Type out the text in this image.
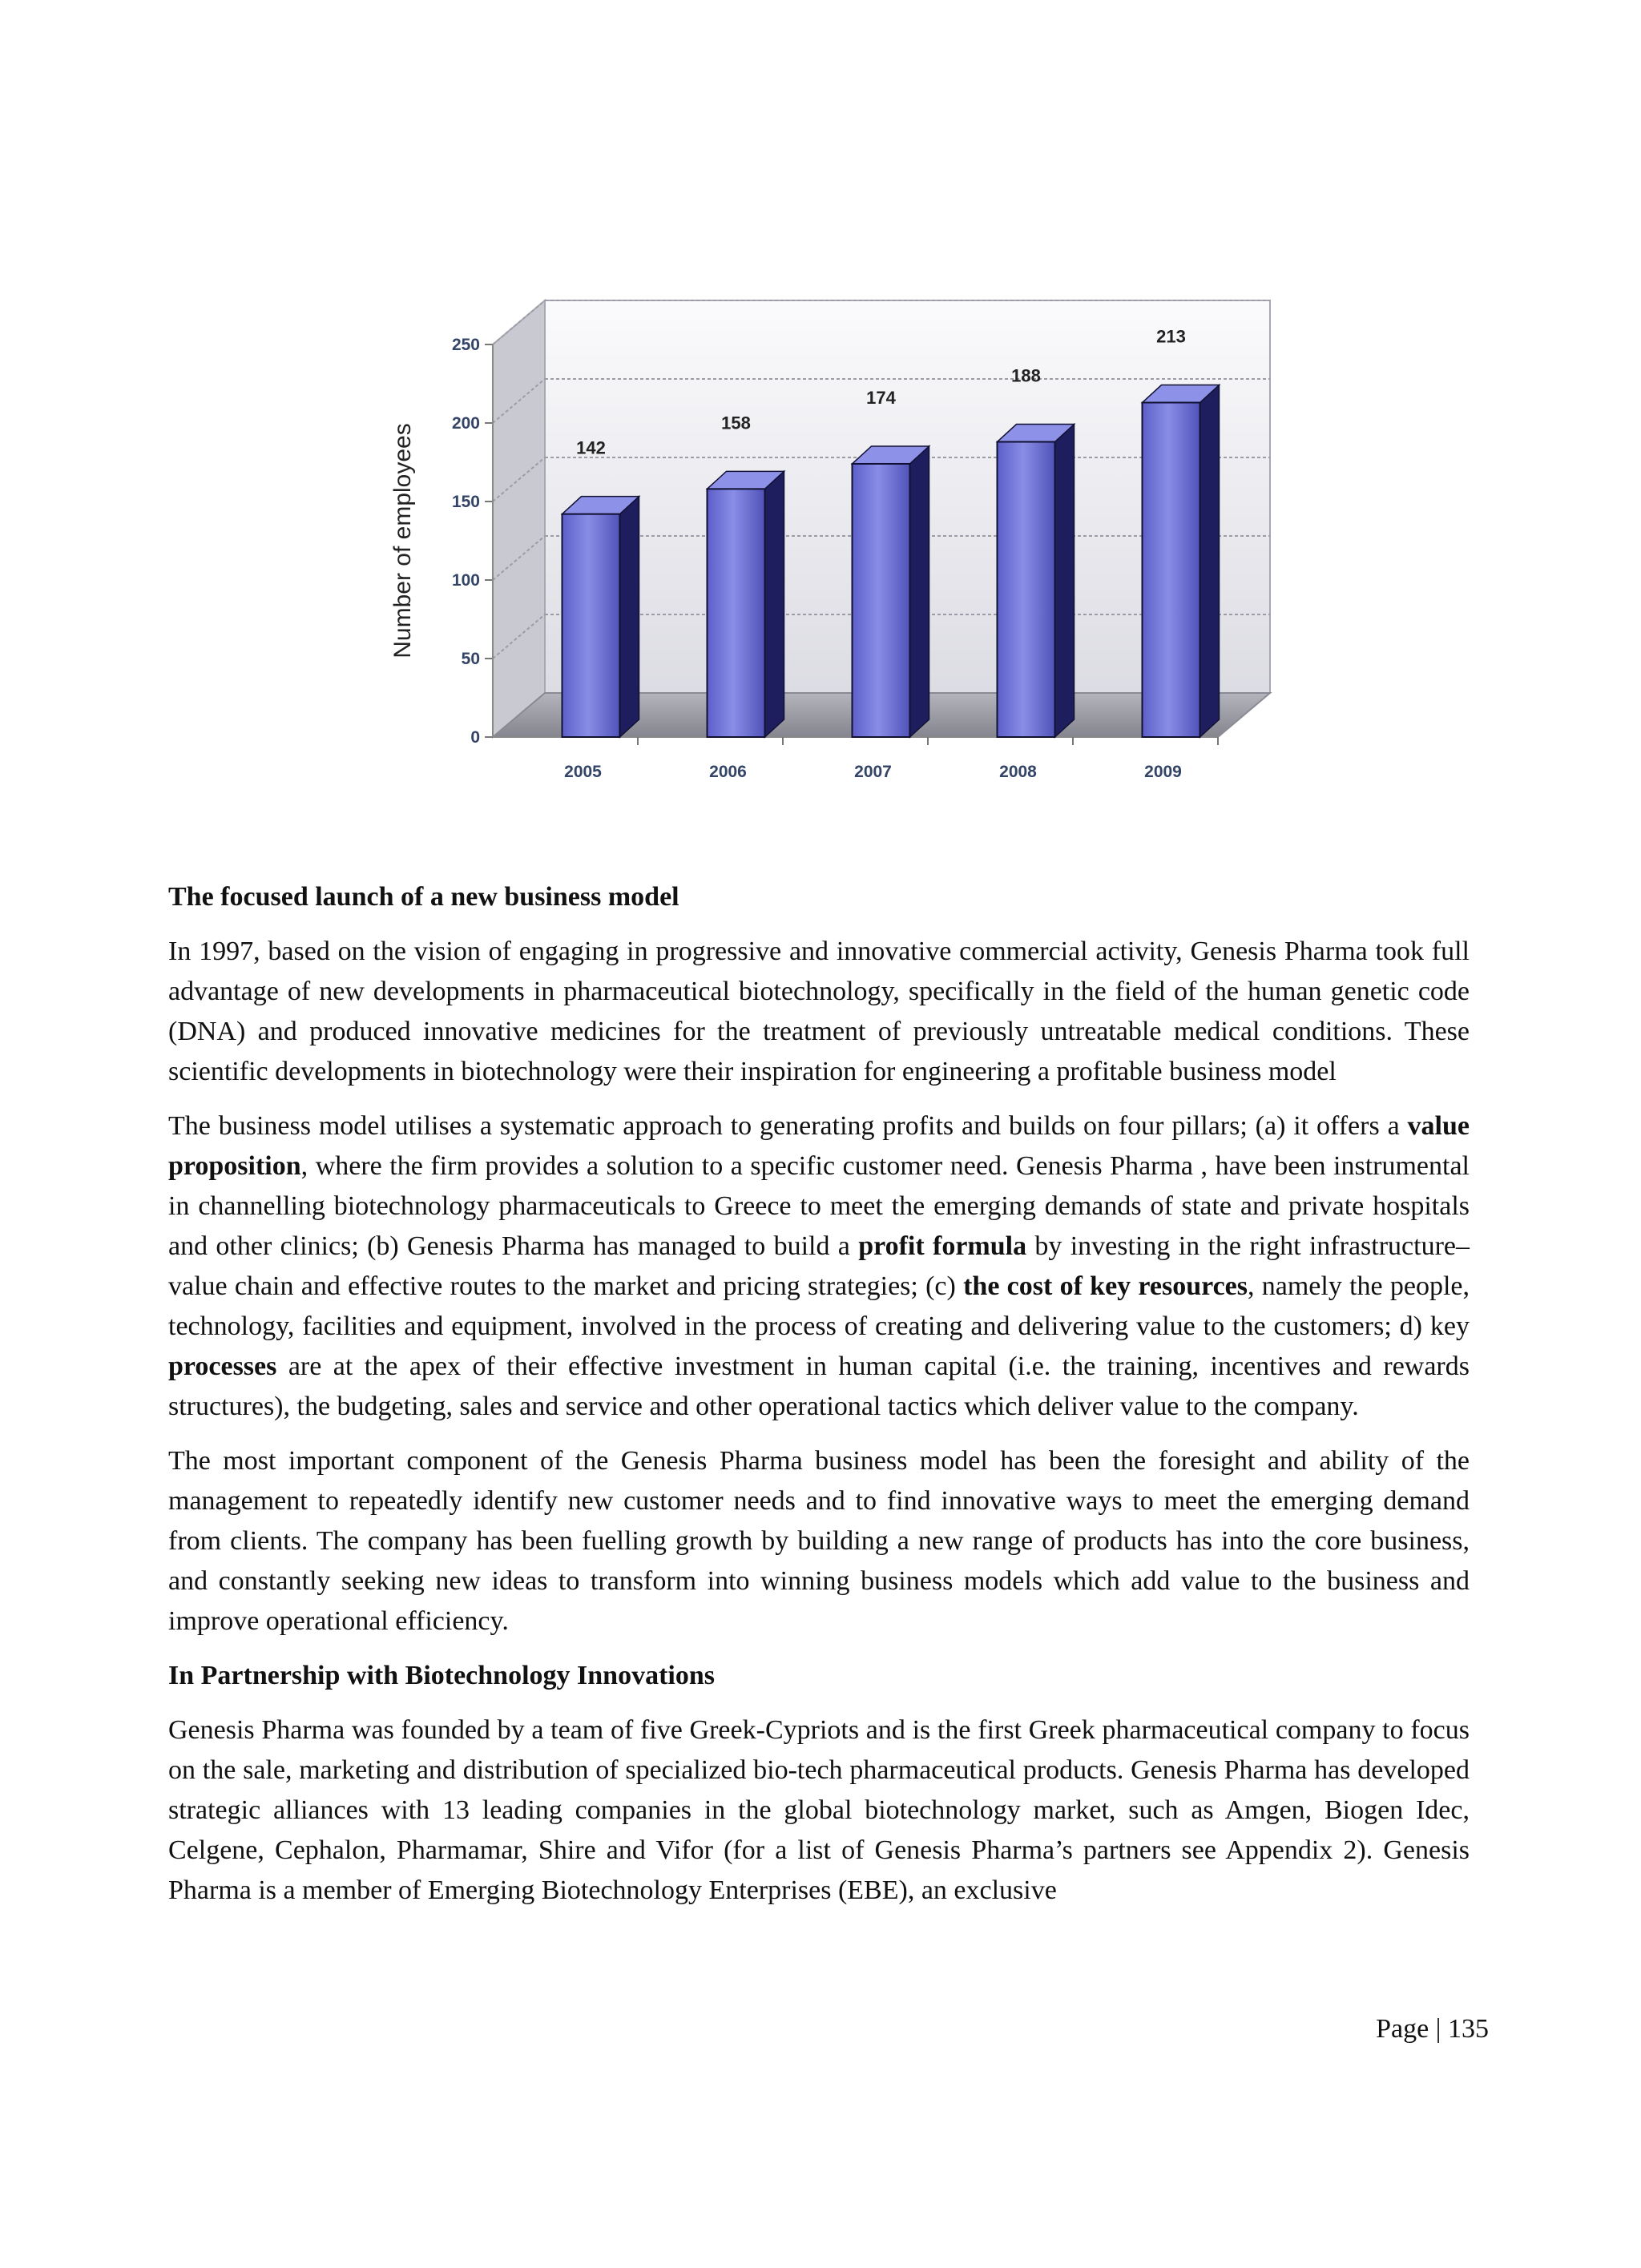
0
50
100
150
200
250
Number of employees	142
2005
158
2006
174
2007
188
2008
213
2009
The focused launch of a new business model

In 1997, based on the vision of engaging in progressive and innovative commercial activity, Genesis Pharma took full advantage of new developments in pharmaceutical biotechnology, specifically in the field of the human genetic code (DNA) and produced innovative medicines for the treatment of previously untreatable medical conditions. These scientific developments in biotechnology were their inspiration for engineering a profitable business model

The business model utilises a systematic approach to generating profits and builds on four pillars; (a) it offers a value proposition, where the firm provides a solution to a specific customer need. Genesis Pharma , have been instrumental in channelling biotechnology pharmaceuticals to Greece to meet the emerging demands of state and private hospitals and other clinics; (b) Genesis Pharma has managed to build a profit formula by investing in the right infrastructure– value chain and effective routes to the market and pricing strategies; (c) the cost of key resources, namely the people, technology, facilities and equipment, involved in the process of creating and delivering value to the customers; d) key processes are at the apex of their effective investment in human capital (i.e. the training, incentives and rewards structures), the budgeting, sales and service and other operational tactics which deliver value to the company.

The most important component of the Genesis Pharma business model has been the foresight and ability of the management to repeatedly identify new customer needs and to find innovative ways to meet the emerging demand from clients. The company has been fuelling growth by building a new range of products has into the core business, and constantly seeking new ideas to transform into winning business models which add value to the business and improve operational efficiency.

In Partnership with Biotechnology Innovations

Genesis Pharma was founded by a team of five Greek-Cypriots and is the first Greek pharmaceutical company to focus on the sale, marketing and distribution of specialized bio-tech pharmaceutical products. Genesis Pharma has developed strategic alliances with 13 leading companies in the global biotechnology market, such as Amgen, Biogen Idec, Celgene, Cephalon, Pharmamar, Shire and Vifor (for a list of Genesis Pharma’s partners see Appendix 2). Genesis Pharma is a member of Emerging Biotechnology Enterprises (EBE), an exclusive

Page | 135
